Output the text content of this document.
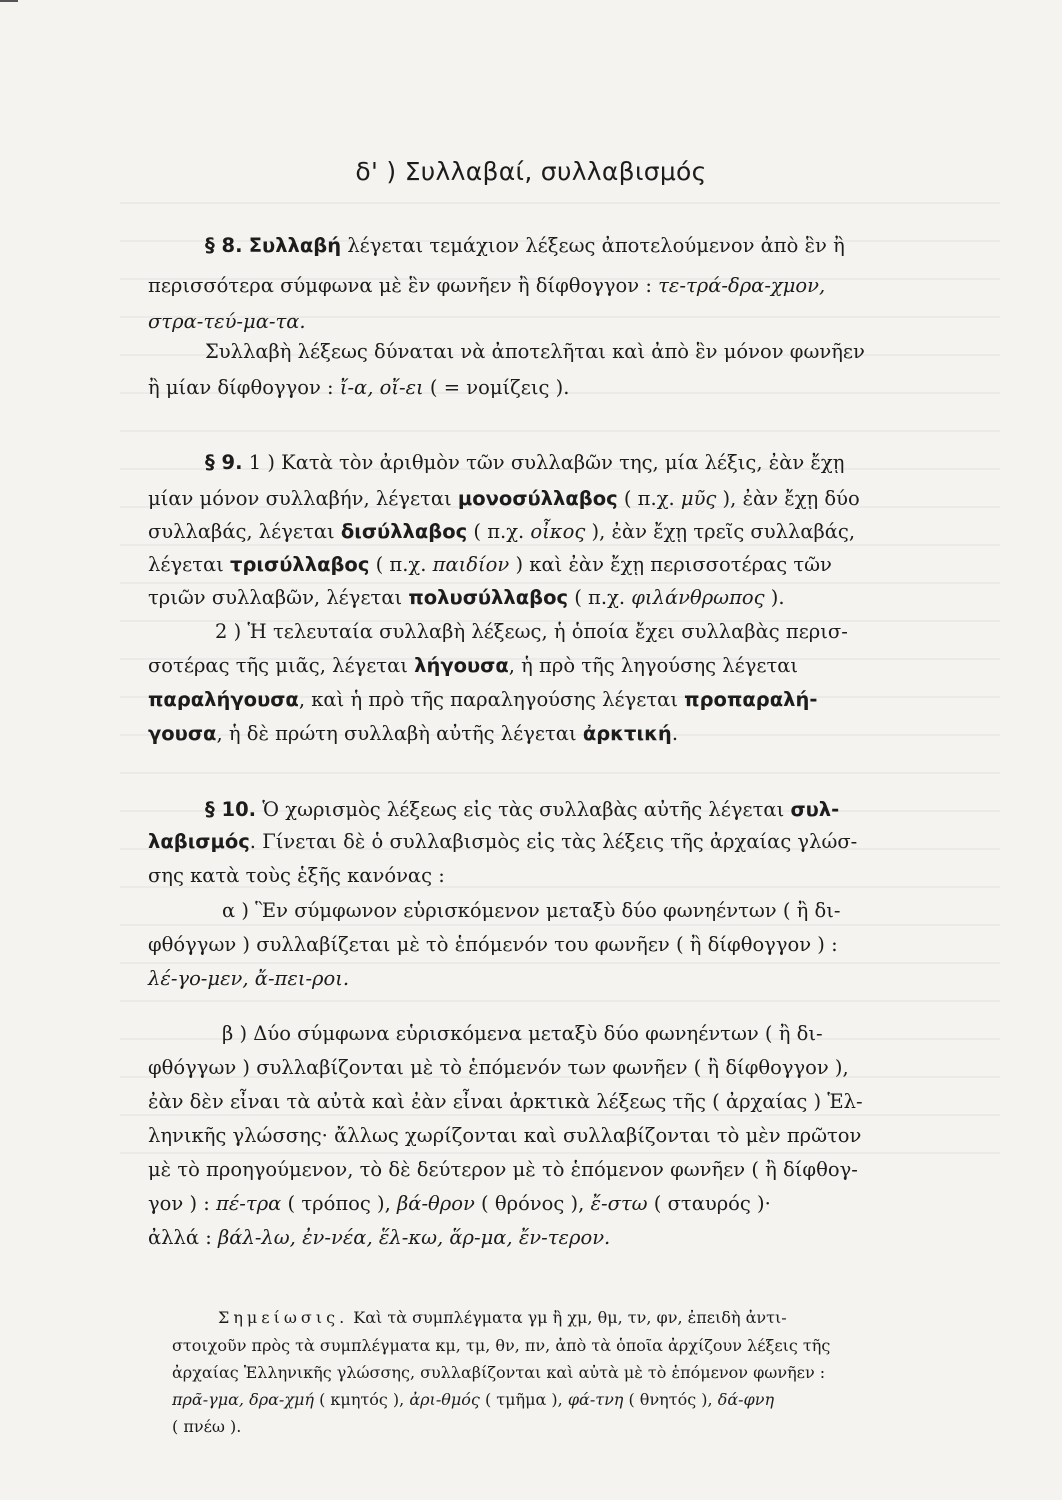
δ' ) Συλλαβαί, συλλαβισμός
§ 8. Συλλαβή λέγεται τεμάχιον λέξεως ἀποτελούμενον ἀπὸ ἓν ἢ
περισσότερα σύμφωνα μὲ ἓν φωνῆεν ἢ δίφθογγον : τε-τρά-δρα-χμον,
στρα-τεύ-μα-τα.
Συλλαβὴ λέξεως δύναται νὰ ἀποτελῆται καὶ ἀπὸ ἓν μόνον φωνῆεν
ἢ μίαν δίφθογγον : ἴ-α, οἴ-ει ( = νομίζεις ).
§ 9. 1 ) Κατὰ τὸν ἀριθμὸν τῶν συλλαβῶν της, μία λέξις, ἐὰν ἔχῃ
μίαν μόνον συλλαβήν, λέγεται μονοσύλλαβος ( π.χ. μῦς ), ἐὰν ἔχῃ δύο
συλλαβάς, λέγεται δισύλλαβος ( π.χ. οἶκος ), ἐὰν ἔχῃ τρεῖς συλλαβάς,
λέγεται τρισύλλαβος ( π.χ. παιδίον ) καὶ ἐὰν ἔχῃ περισσοτέρας τῶν
τριῶν συλλαβῶν, λέγεται πολυσύλλαβος ( π.χ. φιλάνθρωπος ).
2 ) Ἡ τελευταία συλλαβὴ λέξεως, ἡ ὁποία ἔχει συλλαβὰς περισ-
σοτέρας τῆς μιᾶς, λέγεται λήγουσα, ἡ πρὸ τῆς ληγούσης λέγεται
παραλήγουσα, καὶ ἡ πρὸ τῆς παραληγούσης λέγεται προπαραλή-
γουσα, ἡ δὲ πρώτη συλλαβὴ αὐτῆς λέγεται ἀρκτική.
§ 10. Ὁ χωρισμὸς λέξεως εἰς τὰς συλλαβὰς αὐτῆς λέγεται συλ-
λαβισμός. Γίνεται δὲ ὁ συλλαβισμὸς εἰς τὰς λέξεις τῆς ἀρχαίας γλώσ-
σης κατὰ τοὺς ἑξῆς κανόνας :
α ) Ἓν σύμφωνον εὑρισκόμενον μεταξὺ δύο φωνηέντων ( ἢ δι-
φθόγγων ) συλλαβίζεται μὲ τὸ ἑπόμενόν του φωνῆεν ( ἢ δίφθογγον ) :
λέ-γο-μεν, ἄ-πει-ροι.
β ) Δύο σύμφωνα εὑρισκόμενα μεταξὺ δύο φωνηέντων ( ἢ δι-
φθόγγων ) συλλαβίζονται μὲ τὸ ἑπόμενόν των φωνῆεν ( ἢ δίφθογγον ),
ἐὰν δὲν εἶναι τὰ αὐτὰ καὶ ἐὰν εἶναι ἀρκτικὰ λέξεως τῆς ( ἀρχαίας ) Ἑλ-
ληνικῆς γλώσσης· ἄλλως χωρίζονται καὶ συλλαβίζονται τὸ μὲν πρῶτον
μὲ τὸ προηγούμενον, τὸ δὲ δεύτερον μὲ τὸ ἑπόμενον φωνῆεν ( ἢ δίφθογ-
γον ) : πέ-τρα ( τρόπος ), βά-θρον ( θρόνος ), ἔ-στω ( σταυρός )·
ἀλλά : βάλ-λω, ἐν-νέα, ἕλ-κω, ἅρ-μα, ἔν-τερον.
Σημείωσις. Καὶ τὰ συμπλέγματα γμ ἢ χμ, θμ, τν, φν, ἐπειδὴ ἀντι-
στοιχοῦν πρὸς τὰ συμπλέγματα κμ, τμ, θν, πν, ἀπὸ τὰ ὁποῖα ἀρχίζουν λέξεις τῆς
ἀρχαίας Ἑλληνικῆς γλώσσης, συλλαβίζονται καὶ αὐτὰ μὲ τὸ ἑπόμενον φωνῆεν :
πρᾶ-γμα, δρα-χμή ( κμητός ), ἀρι-θμός ( τμῆμα ), φά-τνη ( θνητός ), δά-φνη
( πνέω ).
